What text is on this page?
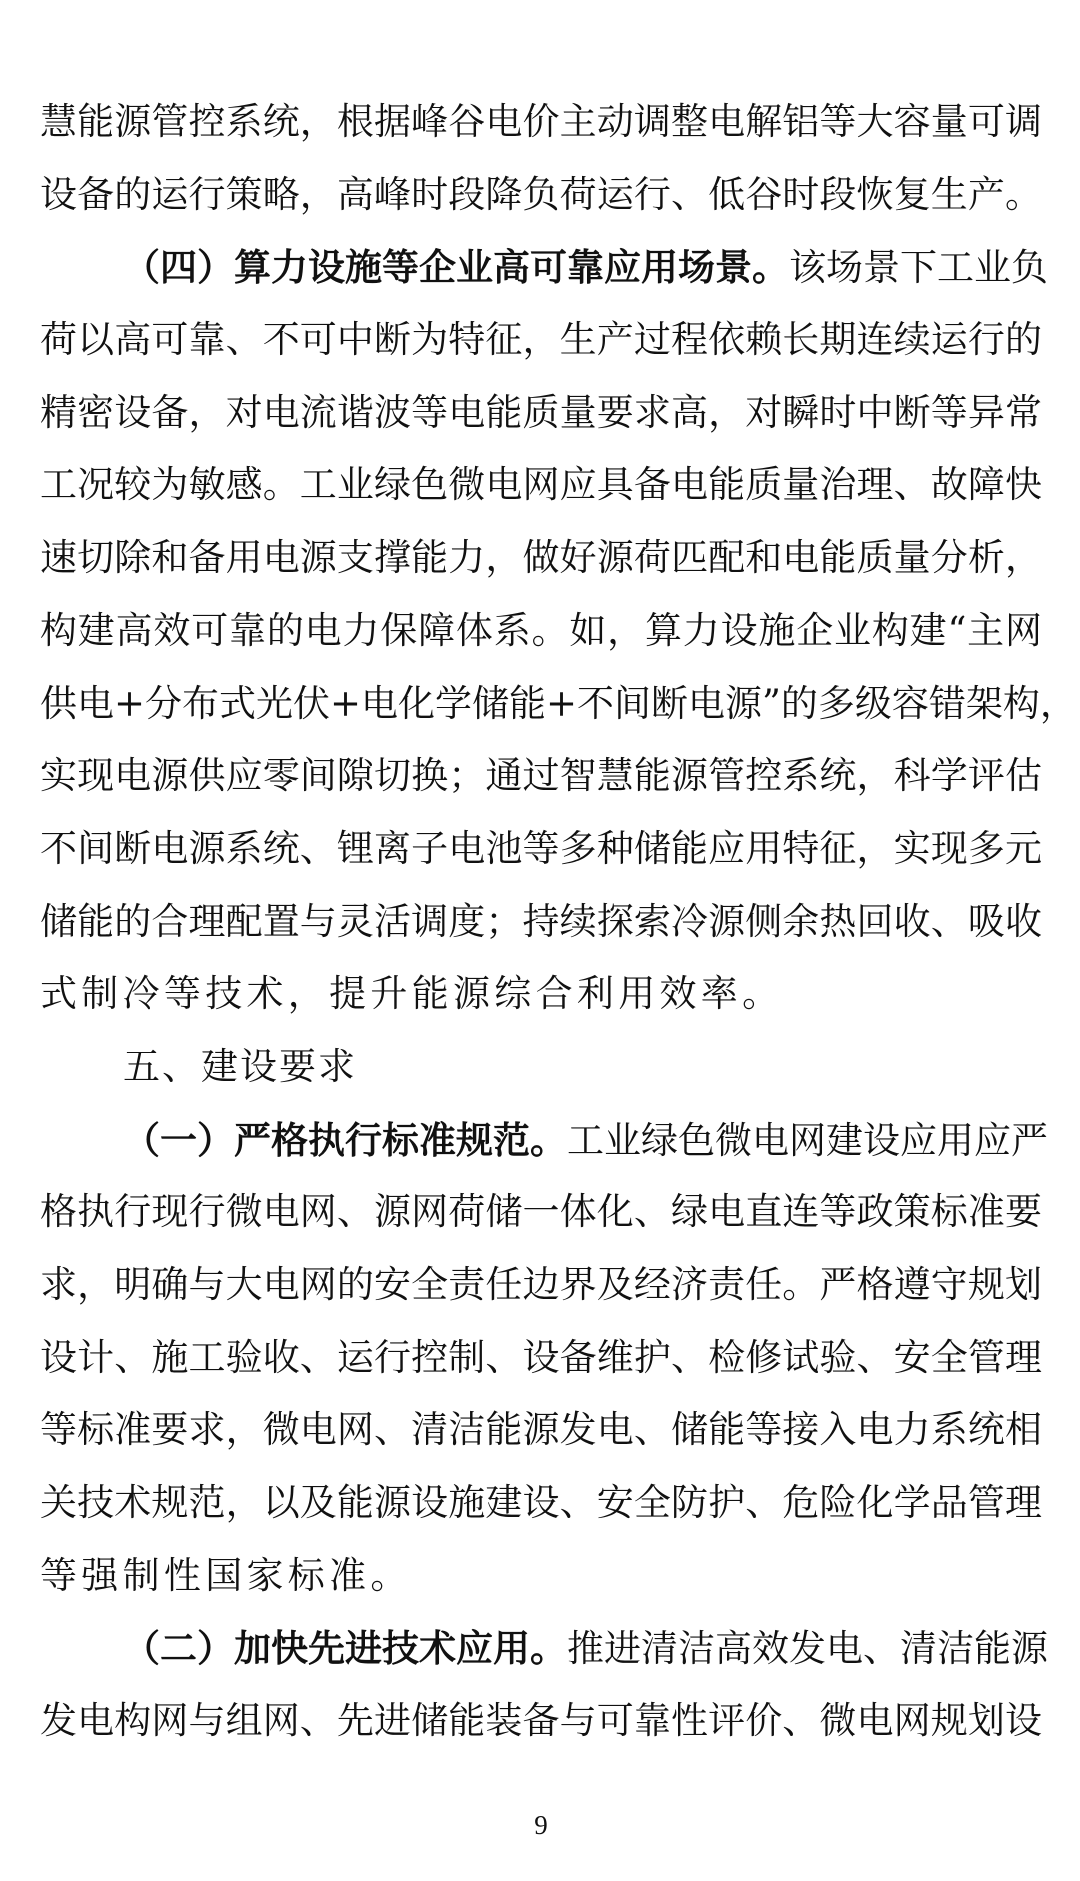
慧能源管控系统，根据峰谷电价主动调整电解铝等大容量可调
设备的运行策略，高峰时段降负荷运行、低谷时段恢复生产。
（四）算力设施等企业高可靠应用场景。该场景下工业负
荷以高可靠、不可中断为特征，生产过程依赖长期连续运行的
精密设备，对电流谐波等电能质量要求高，对瞬时中断等异常
工况较为敏感。工业绿色微电网应具备电能质量治理、故障快
速切除和备用电源支撑能力，做好源荷匹配和电能质量分析，
构建高效可靠的电力保障体系。如，算力设施企业构建“主网
供电+分布式光伏+电化学储能+不间断电源”的多级容错架构，
实现电源供应零间隙切换；通过智慧能源管控系统，科学评估
不间断电源系统、锂离子电池等多种储能应用特征，实现多元
储能的合理配置与灵活调度；持续探索冷源侧余热回收、吸收
式制冷等技术，提升能源综合利用效率。
五、建设要求
（一）严格执行标准规范。工业绿色微电网建设应用应严
格执行现行微电网、源网荷储一体化、绿电直连等政策标准要
求，明确与大电网的安全责任边界及经济责任。严格遵守规划
设计、施工验收、运行控制、设备维护、检修试验、安全管理
等标准要求，微电网、清洁能源发电、储能等接入电力系统相
关技术规范，以及能源设施建设、安全防护、危险化学品管理
等强制性国家标准。
（二）加快先进技术应用。推进清洁高效发电、清洁能源
发电构网与组网、先进储能装备与可靠性评价、微电网规划设
9
